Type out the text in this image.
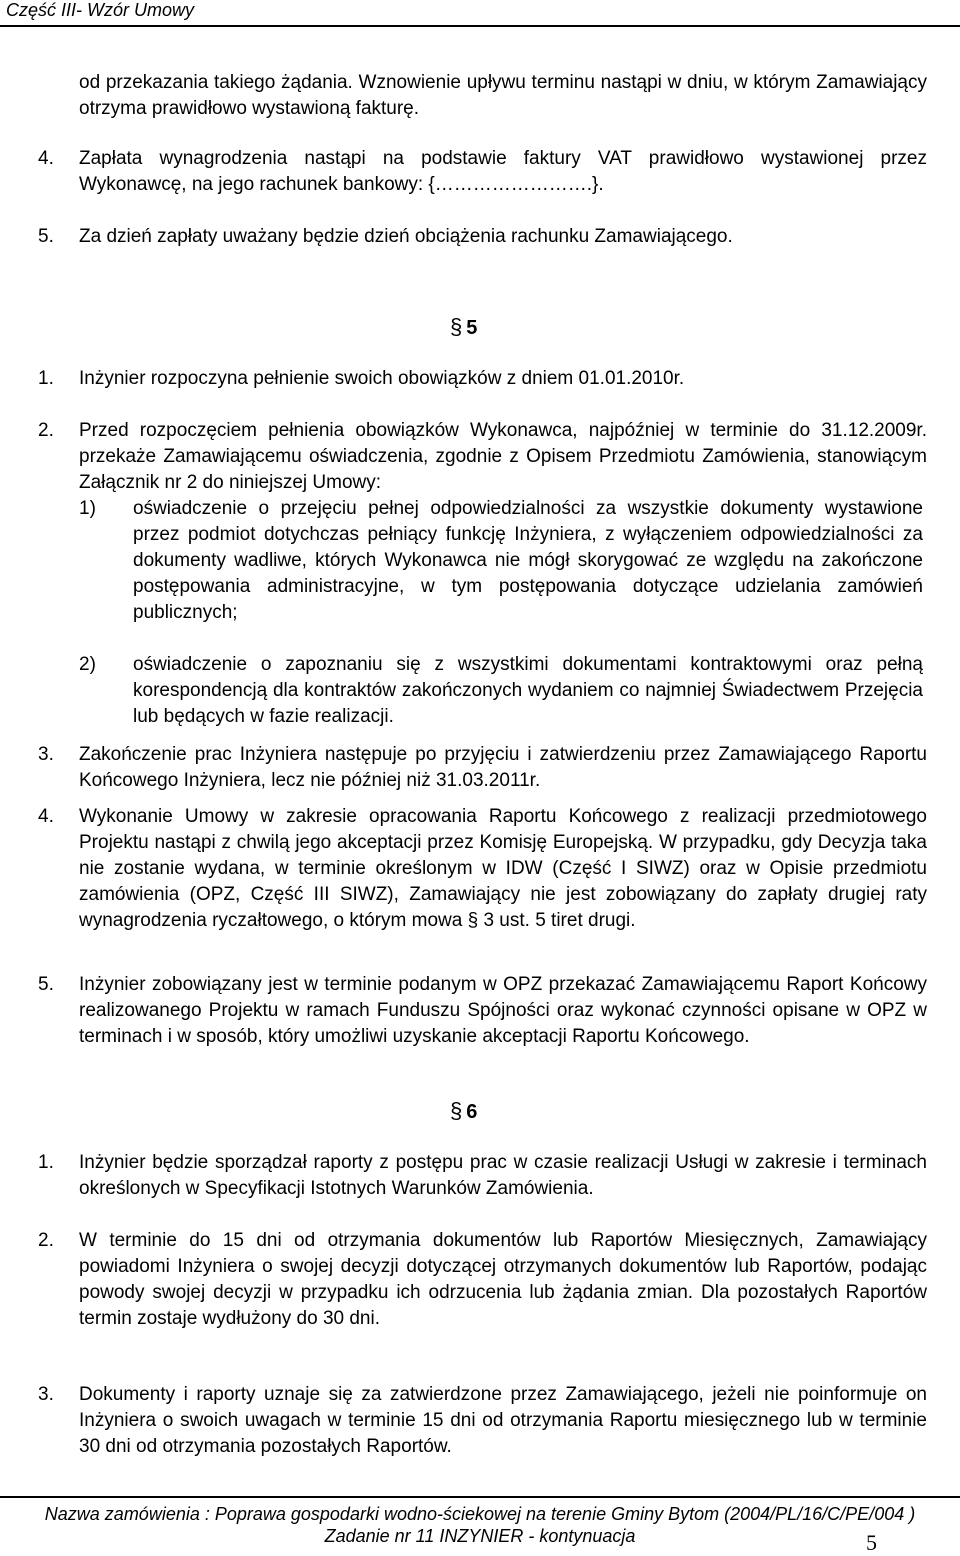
Część III- Wzór Umowy
od przekazania takiego żądania. Wznowienie upływu terminu nastąpi w dniu, w którym Zamawiający otrzyma prawidłowo wystawioną fakturę.
4. Zapłata wynagrodzenia nastąpi na podstawie faktury VAT prawidłowo wystawionej przez Wykonawcę, na jego rachunek bankowy: {…………………….}.
5. Za dzień zapłaty uważany będzie dzień obciążenia rachunku Zamawiającego.
§ 5
1. Inżynier rozpoczyna pełnienie swoich obowiązków z dniem 01.01.2010r.
2. Przed rozpoczęciem pełnienia obowiązków Wykonawca, najpóźniej w terminie do 31.12.2009r. przekaże Zamawiającemu oświadczenia, zgodnie z Opisem Przedmiotu Zamówienia, stanowiącym Załącznik nr 2 do niniejszej Umowy:
1) oświadczenie o przejęciu pełnej odpowiedzialności za wszystkie dokumenty wystawione przez podmiot dotychczas pełniący funkcję Inżyniera, z wyłączeniem odpowiedzialności za dokumenty wadliwe, których Wykonawca nie mógł skorygować ze względu na zakończone postępowania administracyjne, w tym postępowania dotyczące udzielania zamówień publicznych;
2) oświadczenie o zapoznaniu się z wszystkimi dokumentami kontraktowymi oraz pełną korespondencją dla kontraktów zakończonych wydaniem co najmniej Świadectwem Przejęcia lub będących w fazie realizacji.
3. Zakończenie prac Inżyniera następuje po przyjęciu i zatwierdzeniu przez Zamawiającego Raportu Końcowego Inżyniera, lecz nie później niż 31.03.2011r.
4. Wykonanie Umowy w zakresie opracowania Raportu Końcowego z realizacji przedmiotowego Projektu nastąpi z chwilą jego akceptacji przez Komisję Europejską. W przypadku, gdy Decyzja taka nie zostanie wydana, w terminie określonym w IDW (Część I SIWZ) oraz w Opisie przedmiotu zamówienia (OPZ, Część III SIWZ), Zamawiający nie jest zobowiązany do zapłaty drugiej raty wynagrodzenia ryczałtowego, o którym mowa § 3 ust. 5 tiret drugi.
5. Inżynier zobowiązany jest w terminie podanym w OPZ przekazać Zamawiającemu Raport Końcowy realizowanego Projektu w ramach Funduszu Spójności oraz wykonać czynności opisane w OPZ w terminach i w sposób, który umożliwi uzyskanie akceptacji Raportu Końcowego.
§ 6
1. Inżynier będzie sporządzał raporty z postępu prac w czasie realizacji Usługi w zakresie i terminach określonych w Specyfikacji Istotnych Warunków Zamówienia.
2. W terminie do 15 dni od otrzymania dokumentów lub Raportów Miesięcznych, Zamawiający powiadomi Inżyniera o swojej decyzji dotyczącej otrzymanych dokumentów lub Raportów, podając powody swojej decyzji w przypadku ich odrzucenia lub żądania zmian. Dla pozostałych Raportów termin zostaje wydłużony do 30 dni.
3. Dokumenty i raporty uznaje się za zatwierdzone przez Zamawiającego, jeżeli nie poinformuje on Inżyniera o swoich uwagach w terminie 15 dni od otrzymania Raportu miesięcznego lub w terminie 30 dni od otrzymania pozostałych Raportów.
Nazwa zamówienia : Poprawa gospodarki wodno-ściekowej na terenie Gminy Bytom (2004/PL/16/C/PE/004 )
Zadanie nr 11 INZYNIER - kontynuacja	5
